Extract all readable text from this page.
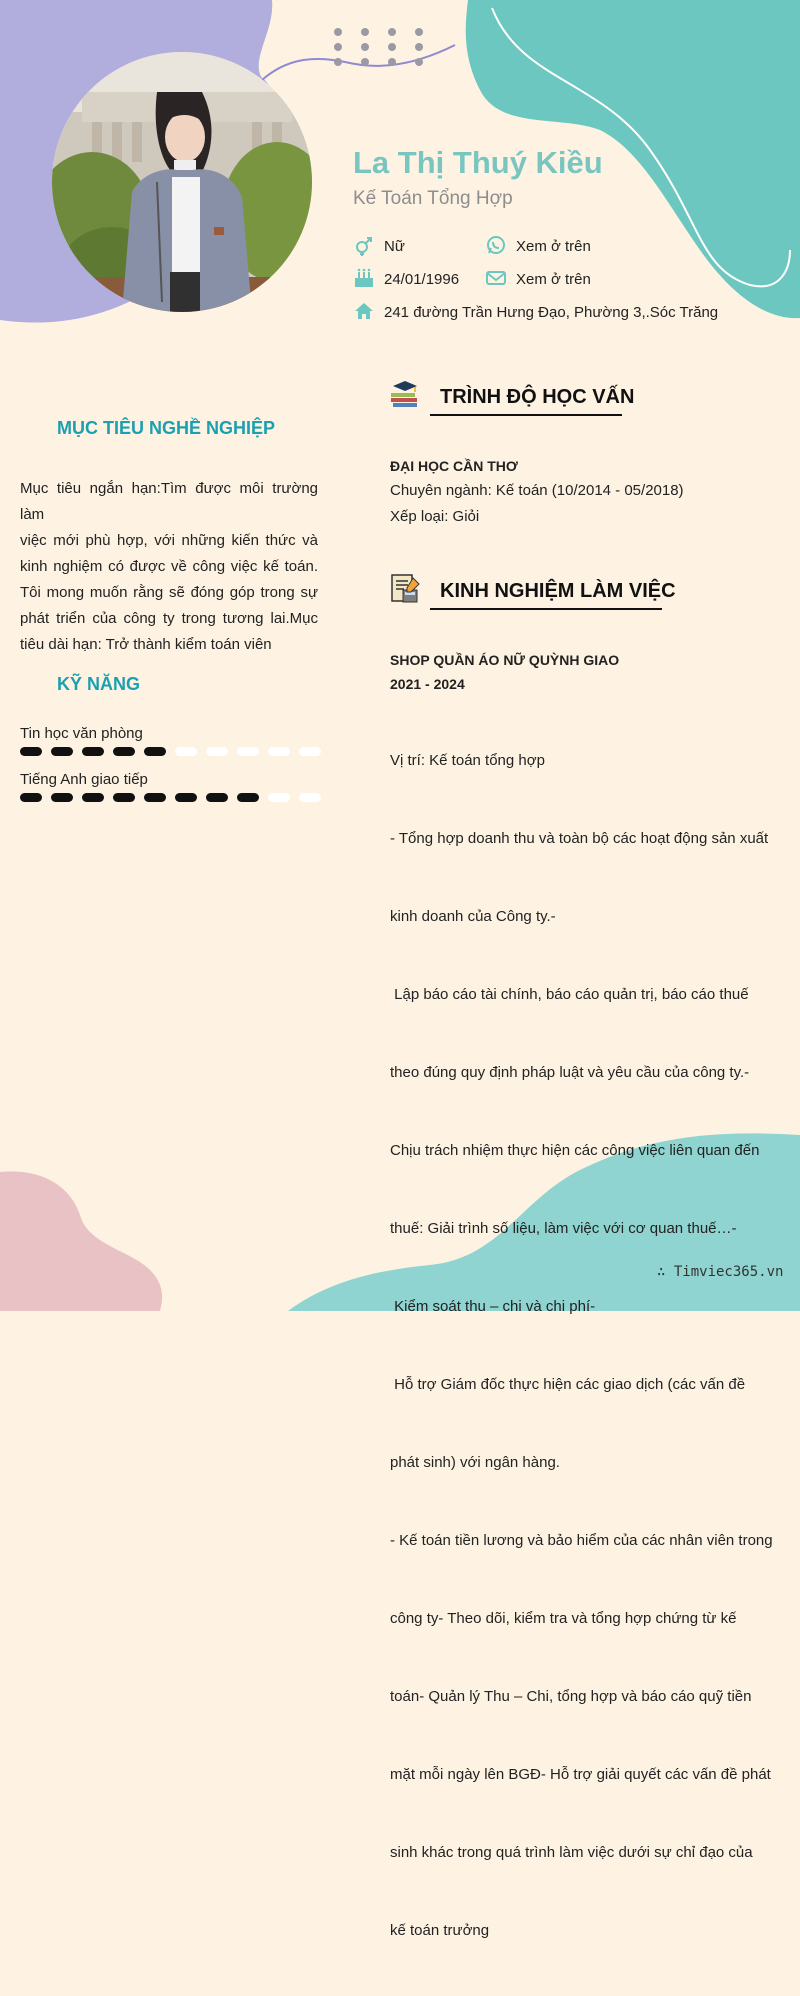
La Thị Thuý Kiều
Kế Toán Tổng Hợp
Nữ	Xem ở trên
24/01/1996	Xem ở trên
241 đường Trần Hưng Đạo, Phường 3,.Sóc Trăng
MỤC TIÊU NGHỀ NGHIỆP
Mục tiêu ngắn hạn:Tìm được môi trường làm
việc mới phù hợp, với những kiến thức và
kinh nghiệm có được về công việc kế toán.
Tôi mong muốn rằng sẽ đóng góp trong sự
phát triển của công ty trong tương lai.Mục
tiêu dài hạn: Trở thành kiểm toán viên
KỸ NĂNG
Tin học văn phòng
Tiếng Anh giao tiếp
TRÌNH ĐỘ HỌC VẤN
ĐẠI HỌC CẦN THƠ
Chuyên ngành: Kế toán (10/2014 - 05/2018)
Xếp loại: Giỏi
KINH NGHIỆM LÀM VIỆC
SHOP QUẦN ÁO NỮ QUỲNH GIAO
2021 - 2024

Vị trí: Kế toán tổng hợp

- Tổng hợp doanh thu và toàn bộ các hoạt động sản xuất

kinh doanh của Công ty.-

Lập báo cáo tài chính, báo cáo quản trị, báo cáo thuế

theo đúng quy định pháp luật và yêu cầu của công ty.-

Chịu trách nhiệm thực hiện các công việc liên quan đến

thuế: Giải trình số liệu, làm việc với cơ quan thuế…-

Kiểm soát thu – chi và chi phí-

Hỗ trợ Giám đốc thực hiện các giao dịch (các vấn đề

phát sinh) với ngân hàng.

- Kế toán tiền lương và bảo hiểm của các nhân viên trong

công ty- Theo dõi, kiểm tra và tổng hợp chứng từ kế

toán- Quản lý Thu – Chi, tổng hợp và báo cáo quỹ tiền

mặt mỗi ngày lên BGĐ- Hỗ trợ giải quyết các vấn đề phát

sinh khác trong quá trình làm việc dưới sự chỉ đạo của

kế toán trưởng

∴ Timviec365.vn
